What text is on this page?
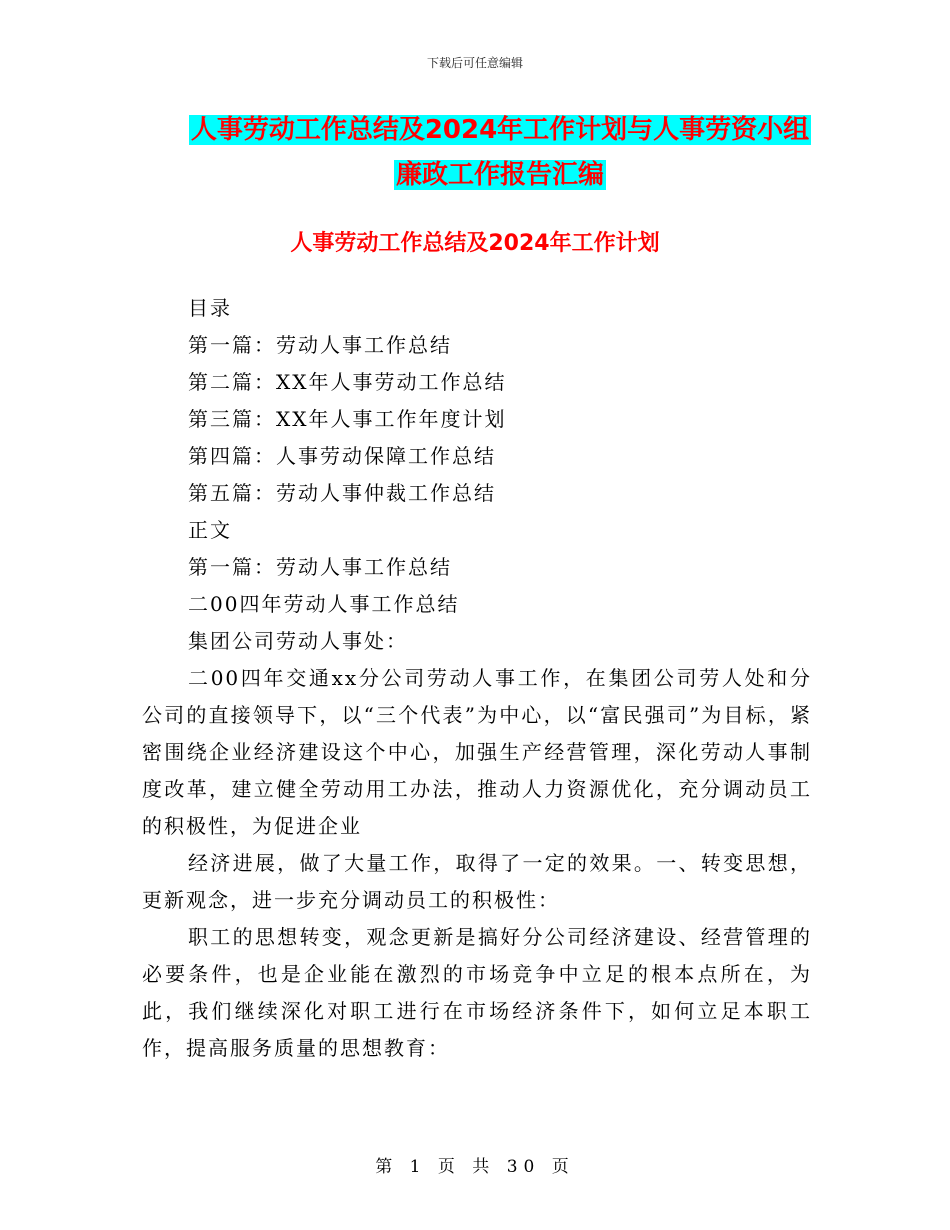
下载后可任意编辑
人事劳动工作总结及2024年工作计划与人事劳资小组
廉政工作报告汇编
人事劳动工作总结及2024年工作计划

目录

第一篇：劳动人事工作总结

第二篇：XX年人事劳动工作总结

第三篇：XX年人事工作年度计划

第四篇：人事劳动保障工作总结

第五篇：劳动人事仲裁工作总结

正文

第一篇：劳动人事工作总结

二00四年劳动人事工作总结

集团公司劳动人事处：

二00四年交通xx分公司劳动人事工作，在集团公司劳人处和分公司的直接领导下，以“三个代表”为中心，以“富民强司”为目标，紧密围绕企业经济建设这个中心，加强生产经营管理，深化劳动人事制度改革，建立健全劳动用工办法，推动人力资源优化，充分调动员工的积极性，为促进企业

经济进展，做了大量工作，取得了一定的效果。一、转变思想，更新观念，进一步充分调动员工的积极性：

职工的思想转变，观念更新是搞好分公司经济建设、经营管理的必要条件，也是企业能在激烈的市场竞争中立足的根本点所在，为此，我们继续深化对职工进行在市场经济条件下，如何立足本职工作，提高服务质量的思想教育：

第 1 页 共 30 页
